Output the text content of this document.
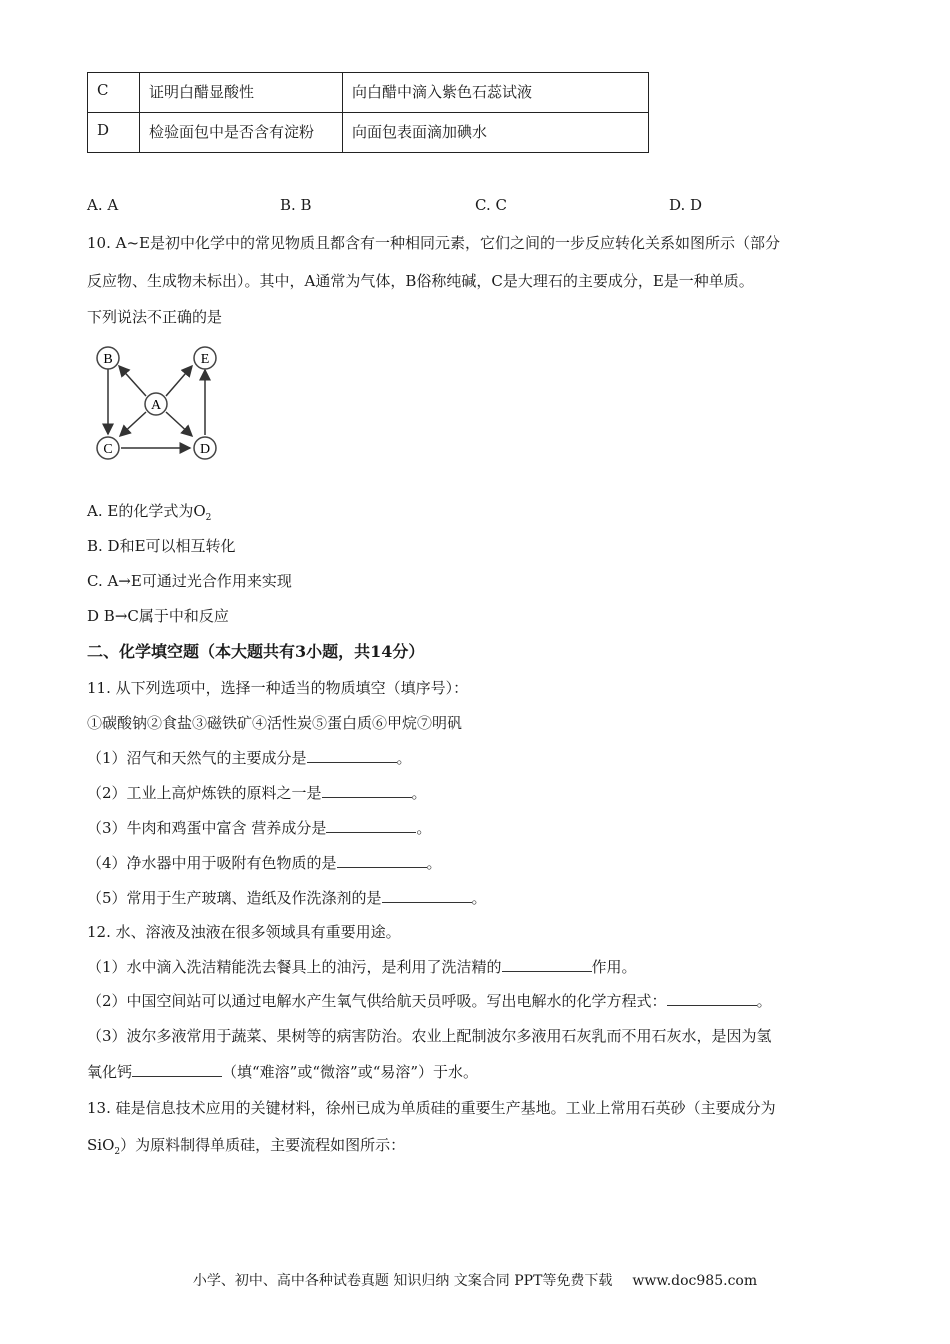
C	证明白醋显酸性	向白醋中滴入紫色石蕊试液
D	检验面包中是否含有淀粉	向面包表面滴加碘水
A. A	B. B	C. C	D. D
10. A~E是初中化学中的常见物质且都含有一种相同元素，它们之间的一步反应转化关系如图所示（部分
反应物、生成物未标出）。其中，A通常为气体，B俗称纯碱，C是大理石的主要成分，E是一种单质。
下列说法不正确的是
B	E
A
C	D
A. E的化学式为$O_2$
B. D和E可以相互转化
C. A→E可通过光合作用来实现
D B→C属于中和反应
二、化学填空题（本大题共有3小题，共14分）
11. 从下列选项中，选择一种适当的物质填空（填序号）：
①碳酸钠②食盐③磁铁矿④活性炭⑤蛋白质⑥甲烷⑦明矾
（1）沼气和天然气的主要成分是	。
（2）工业上高炉炼铁的原料之一是	。
（3）牛肉和鸡蛋中富含 营养成分是	。
（4）净水器中用于吸附有色物质的是	。
（5）常用于生产玻璃、造纸及作洗涤剂的是	。
12. 水、溶液及浊液在很多领域具有重要用途。
（1）水中滴入洗洁精能洗去餐具上的油污，是利用了洗洁精的	作用。
（2）中国空间站可以通过电解水产生氧气供给航天员呼吸。写出电解水的化学方程式：	。
（3）波尔多液常用于蔬菜、果树等的病害防治。农业上配制波尔多液用石灰乳而不用石灰水，是因为氢
氧化钙	（填“难溶”或“微溶”或“易溶”）于水。
13. 硅是信息技术应用的关键材料，徐州已成为单质硅的重要生产基地。工业上常用石英砂（主要成分为
SiO$_2$）为原料制得单质硅，主要流程如图所示：
小学、初中、高中各种试卷真题 知识归纳 文案合同 PPT等免费下载 www.doc985.com
